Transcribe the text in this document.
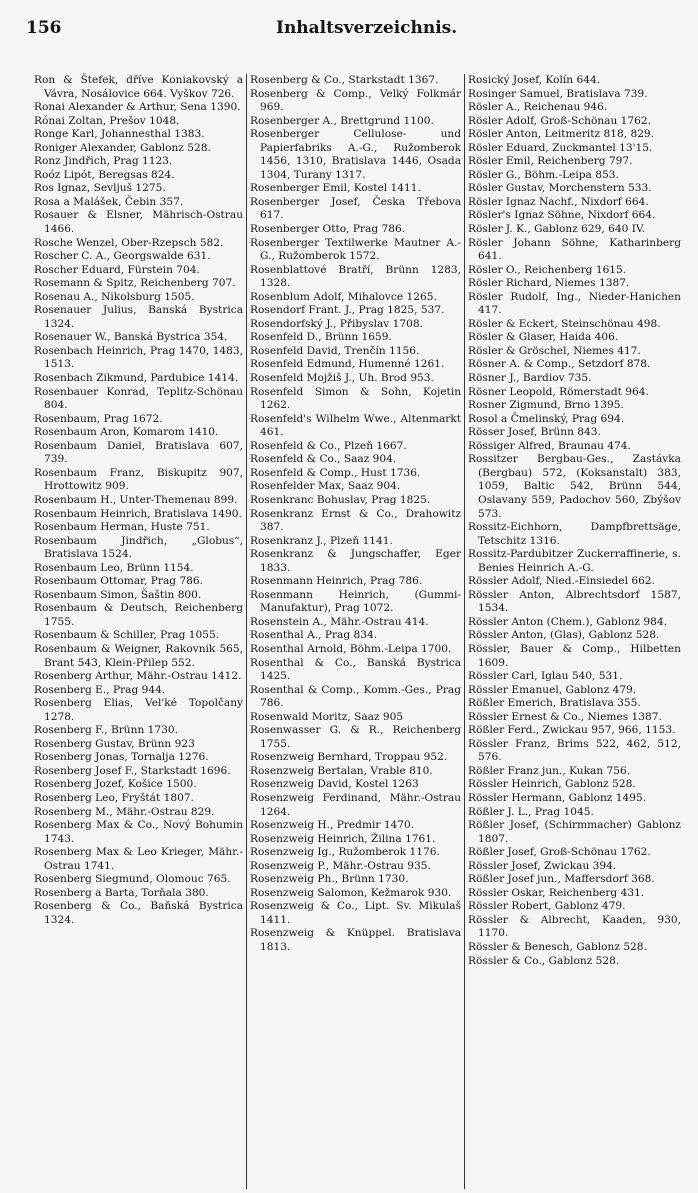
156	Inhaltsverzeichnis.
Ron & Štefek, dříve Koniakovský a Vávra, Nosálovice 664. Vyškov 726.
Ronai Alexander & Arthur, Sena 1390.
Rónai Zoltan, Prešov 1048.
Ronge Karl, Johannesthal 1383.
Roniger Alexander, Gablonz 528.
Ronz Jindřich, Prag 1123.
Roóz Lipót, Beregsas 824.
Ros Ignaz, Sevljuš 1275.
Rosa a Malášek, Čebin 357.
Rosauer & Elsner, Mährisch-Ostrau 1466.
Rosche Wenzel, Ober-Rzepsch 582.
Roscher C. A., Georgswalde 631.
Roscher Eduard, Fürstein 704.
Rosemann & Spitz, Reichenberg 707.
Rosenau A., Nikolsburg 1505.
Rosenauer Julius, Banská Bystrica 1324.
Rosenauer W., Banská Bystrica 354.
Rosenbach Heinrich, Prag 1470, 1483, 1513.
Rosenbach Zikmund, Pardubice 1414.
Rosenbauer Konrad, Teplitz-Schönau 804.
Rosenbaum, Prag 1672.
Rosenbaum Aron, Komarom 1410.
Rosenbaum Daniel, Bratislava 607, 739.
Rosenbaum Franz, Biskupitz 907, Hrottowitz 909.
Rosenbaum H., Unter-Themenau 899.
Rosenbaum Heinrich, Bratislava 1490.
Rosenbaum Herman, Huste 751.
Rosenbaum Jindřich, „Globus“, Bratislava 1524.
Rosenbaum Leo, Brünn 1154.
Rosenbaum Ottomar, Prag 786.
Rosenbaum Simon, Šaštin 800.
Rosenbaum & Deutsch, Reichenberg 1755.
Rosenbaum & Schiller, Prag 1055.
Rosenbaum & Weigner, Rakovnik 565, Brant 543, Klein-Přilep 552.
Rosenberg Arthur, Mähr.-Ostrau 1412.
Rosenberg E., Prag 944.
Rosenberg Elias, Vel'ké Topolčany 1278.
Rosenberg F., Brünn 1730.
Rosenberg Gustav, Brünn 923
Rosenberg Jonas, Tornalja 1276.
Rosenberg Josef F., Starkstadt 1696.
Rosenberg Jozef, Košice 1500.
Rosenberg Leo, Fryštát 1807.
Rosenberg M., Mähr.-Ostrau 829.
Rosenberg Max & Co., Nový Bohumin 1743.
Rosenberg Max & Leo Krieger, Mähr.-Ostrau 1741.
Rosenberg Siegmund, Olomouc 765.
Rosenberg a Barta, Torňala 380.
Rosenberg & Co., Baňská Bystrica 1324.
Rosenberg & Co., Starkstadt 1367.
Rosenberg & Comp., Velký Folkmár 969.
Rosenberger A., Brettgrund 1100.
Rosenberger Cellulose- und Papierfabriks A.-G., Ružomberok 1456, 1310, Bratislava 1446, Osada 1304, Turany 1317.
Rosenberger Emil, Kostel 1411.
Rosenberger Josef, Česka Třebova 617.
Rosenberger Otto, Prag 786.
Rosenberger Textilwerke Mautner A.-G., Ružomberok 1572.
Rosenblattové Bratří, Brünn 1283, 1328.
Rosenblum Adolf, Mihalovce 1265.
Rosendorf Frant. J., Prag 1825, 537.
Rosendorfský J., Přibyslav 1708.
Rosenfeld D., Brünn 1659.
Rosenfeld David, Trenčín 1156.
Rosenfeld Edmund, Humenné 1261.
Rosenfeld Mojžiš J., Uh. Brod 953.
Rosenfeld Simon & Sohn, Kojetin 1262.
Rosenfeld's Wilhelm Wwe., Altenmarkt 461.
Rosenfeld & Co., Plzeň 1667.
Rosenfeld & Co., Saaz 904.
Rosenfeld & Comp., Hust 1736.
Rosenfelder Max, Saaz 904.
Rosenkranc Bohuslav, Prag 1825.
Rosenkranz Ernst & Co., Drahowitz 387.
Rosenkranz J., Plzeň 1141.
Rosenkranz & Jungschaffer, Eger 1833.
Rosenmann Heinrich, Prag 786.
Rosenmann Heinrich, (Gummi-Manufaktur), Prag 1072.
Rosenstein A., Mähr.-Ostrau 414.
Rosenthal A., Prag 834.
Rosenthal Arnold, Böhm.-Leipa 1700.
Rosenthal & Co., Banská Bystrica 1425.
Rosenthal & Comp., Komm.-Ges., Prag 786.
Rosenwald Moritz, Saaz 905
Rosenwasser G. & R., Reichenberg 1755.
Rosenzweig Bernhard, Troppau 952.
Rosenzweig Bertalan, Vrable 810.
Rosenzweig David, Kostel 1263
Rosenzweig Ferdinand, Mähr.-Ostrau 1264.
Rosenzweig H., Predmir 1470.
Rosenzweig Heinrich, Žilina 1761.
Rosenzweig Ig., Ružomberok 1176.
Rosenzweig P., Mähr.-Ostrau 935.
Rosenzweig Ph., Brünn 1730.
Rosenzweig Salomon, Kežmarok 930.
Rosenzweig & Co., Lipt. Sv. Mikulaš 1411.
Rosenzweig & Knüppel. Bratislava 1813.
Rosický Josef, Kolín 644.
Rosinger Samuel, Bratislava 739.
Rösler A., Reichenau 946.
Rösler Adolf, Groß-Schönau 1762.
Rösler Anton, Leitmeritz 818, 829.
Rösler Eduard, Zuckmantel 13'15.
Rösler Emil, Reichenberg 797.
Rösler G., Böhm.-Leipa 853.
Rösler Gustav, Morchenstern 533.
Rösler Ignaz Nachf., Nixdorf 664.
Rösler's Ignaz Söhne, Nixdorf 664.
Rösler J. K., Gablonz 629, 640 IV.
Rösler Johann Söhne, Katharinberg 641.
Rösler O., Reichenberg 1615.
Rösler Richard, Niemes 1387.
Rösler Rudolf, Ing., Nieder-Hanichen 417.
Rösler & Eckert, Steinschönau 498.
Rösler & Glaser, Haida 406.
Rösler & Gröschel, Niemes 417.
Rösner A. & Comp., Setzdorf 878.
Rösner J., Bardiov 735.
Rösner Leopold, Römerstadt 964.
Rosner Zigmund, Brno 1395.
Rosol a Čmelinský, Prag 694.
Rösser Josef, Brünn 843.
Rössiger Alfred, Braunau 474.
Rossitzer Bergbau-Ges., Zastávka (Bergbau) 572, (Koksanstalt) 383, 1059, Baltic 542, Brünn 544, Oslavany 559, Padochov 560, Zbýšov 573.
Rossitz-Eichhorn, Dampfbrettsäge, Tetschitz 1316.
Rossitz-Pardubitzer Zuckerraffinerie, s. Benies Heinrich A.-G.
Rössler Adolf, Nied.-Einsiedel 662.
Rössler Anton, Albrechtsdorf 1587, 1534.
Rössler Anton (Chem.), Gablonz 984.
Rössler Anton, (Glas), Gablonz 528.
Rössler, Bauer & Comp., Hilbetten 1609.
Rössler Carl, Iglau 540, 531.
Rössler Emanuel, Gablonz 479.
Rößler Emerich, Bratislava 355.
Rössler Ernest & Co., Niemes 1387.
Rößler Ferd., Zwickau 957, 966, 1153.
Rössler Franz, Brims 522, 462, 512, 576.
Rößler Franz jun., Kukan 756.
Rössler Heinrich, Gablonz 528.
Rössler Hermann, Gablonz 1495.
Rößler J. L., Prag 1045.
Rößler Josef, (Schirmmacher) Gablonz 1807.
Rößler Josef, Groß-Schönau 1762.
Rössler Josef, Zwickau 394.
Rößler Josef jun., Maffersdorf 368.
Rössler Oskar, Reichenberg 431.
Rössler Robert, Gablonz 479.
Rössler & Albrecht, Kaaden, 930, 1170.
Rössler & Benesch, Gablonz 528.
Rössler & Co., Gablonz 528.
